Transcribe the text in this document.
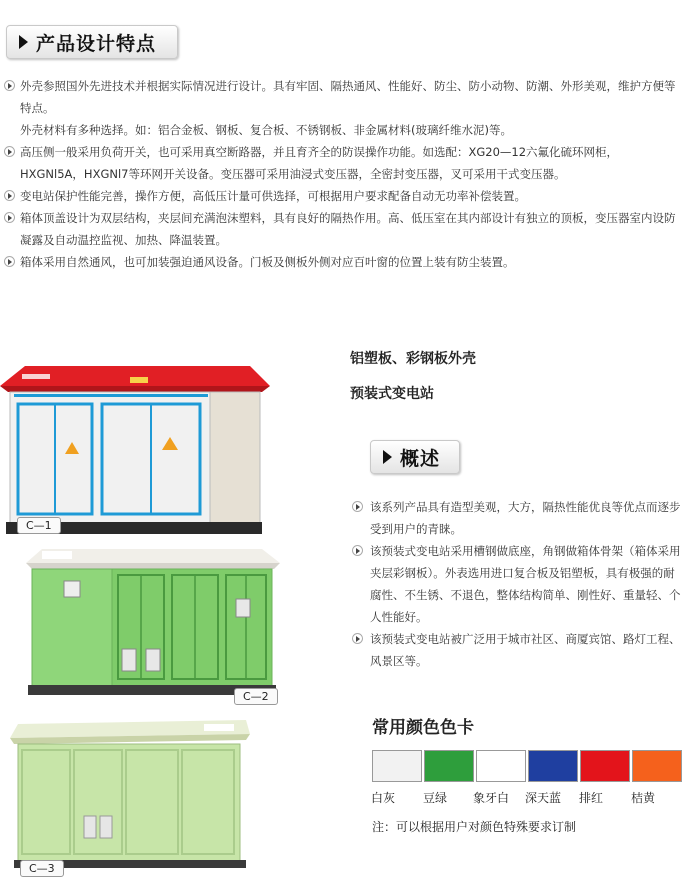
产品设计特点
外壳参照国外先进技术并根据实际情况进行设计。具有牢固、隔热通风、性能好、防尘、防小动物、防潮、外形美观，维护方便等特点。
外壳材料有多种选择。如：铝合金板、钢板、复合板、不锈钢板、非金属材料(玻璃纤维水泥)等。
高压侧一般采用负荷开关，也可采用真空断路器，并且育齐全的防误操作功能。如选配：XG20—12六氟化硫环网柜，HXGNl5A，HXGNl7等环网开关设备。变压器可采用油浸式变压器，全密封变压器，叉可采用干式变压器。
变电站保护性能完善，操作方便，高低压计量可供选择，可根据用户要求配备自动无功率补偿装置。
箱体顶盖设计为双层结构，夹层间充满泡沫塑料，具有良好的隔热作用。高、低压室在其内部设计有独立的顶板，变压器室内设防凝露及自动温控监视、加热、降温装置。
箱体采用自然通风，也可加装强迫通风设备。门板及侧板外侧对应百叶窗的位置上装有防尘装置。
C—1
C—2
C—3
铝塑板、彩钢板外壳
预装式变电站
概述
该系列产品具有造型美观，大方，隔热性能优良等优点而逐步受到用户的青睐。
该预装式变电站采用槽钢做底座，角钢做箱体骨架（箱体采用夹层彩钢板）。外表选用进口复合板及铝塑板，具有极强的耐腐性、不生锈、不退色，整体结构简单、刚性好、重量轻、个人性能好。
该预装式变电站被广泛用于城市社区、商厦宾馆、路灯工程、风景区等。
常用颜色色卡
白灰	豆绿	象牙白	深天蓝	排红	桔黄
注：可以根据用户对颜色特殊要求订制
